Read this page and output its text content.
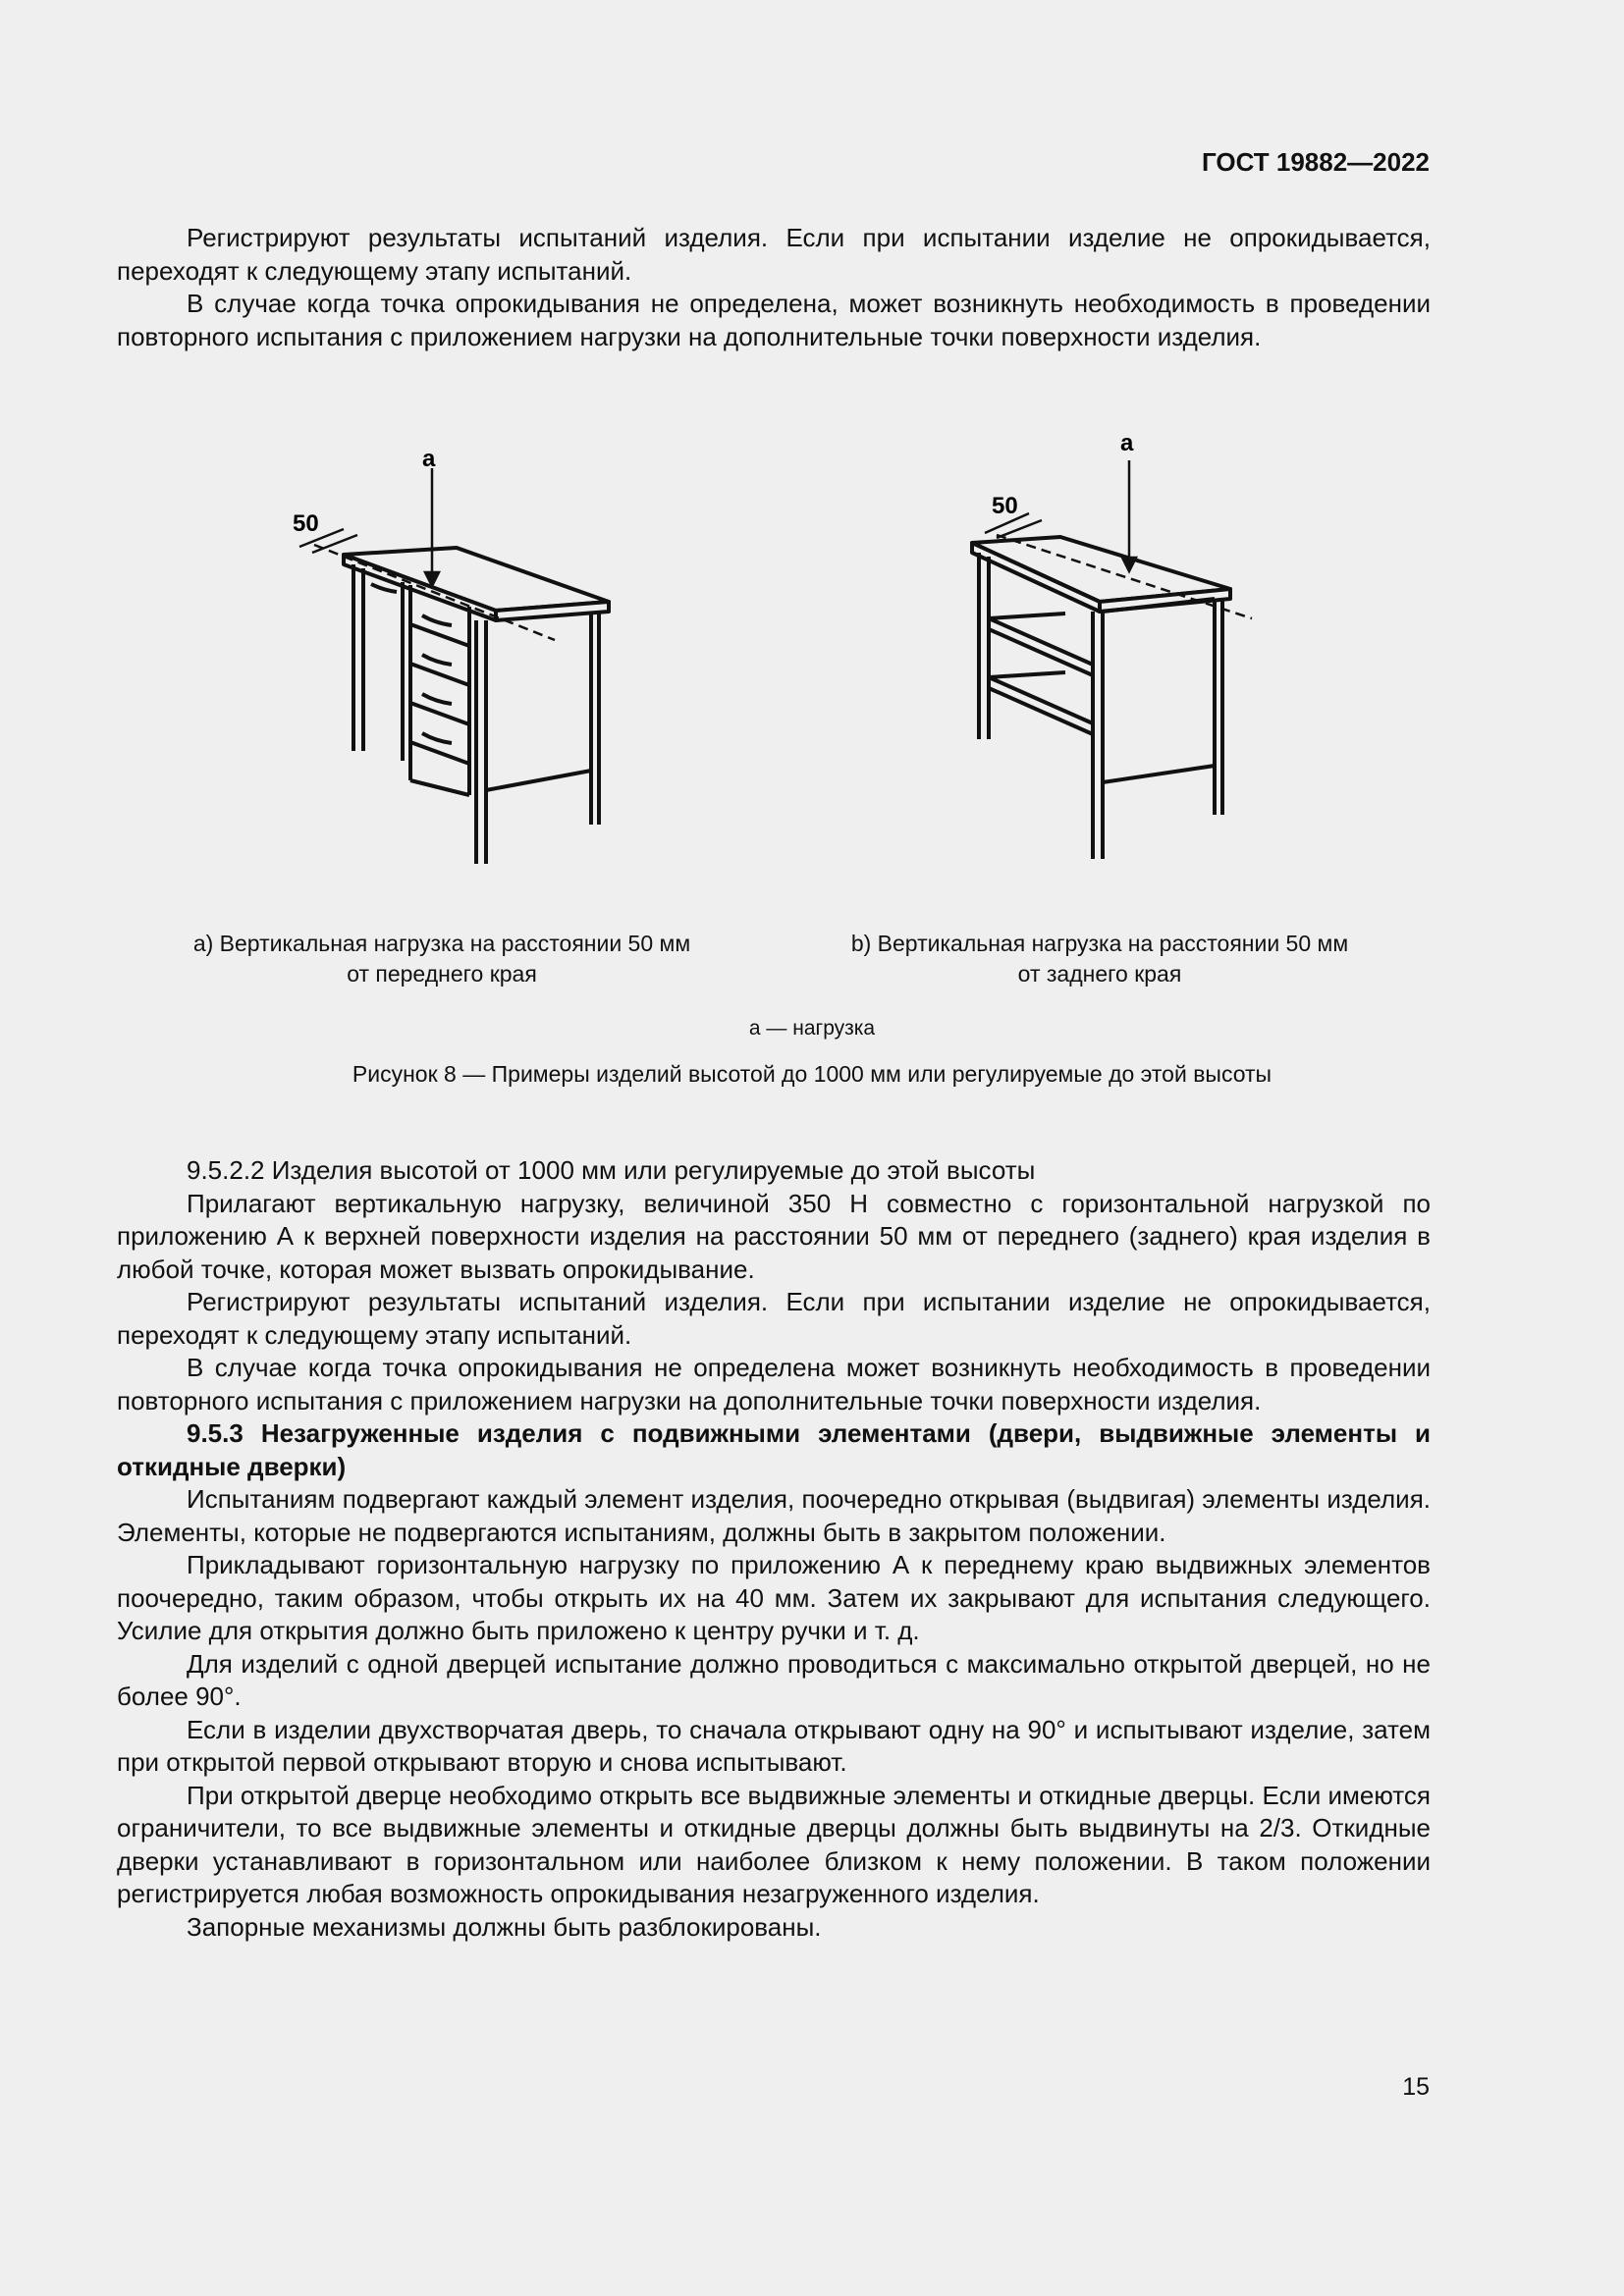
ГОСТ 19882—2022

Регистрируют результаты испытаний изделия. Если при испытании изделие не опрокидывается, переходят к следующему этапу испытаний.

В случае когда точка опрокидывания не определена, может возникнуть необходимость в проведении повторного испытания с приложением нагрузки на дополнительные точки поверхности изделия.

а
50
а
50
а) Вертикальная нагрузка на расстоянии 50 мм
от переднего края
b) Вертикальная нагрузка на расстоянии 50 мм
от заднего края
а — нагрузка
Рисунок 8 — Примеры изделий высотой до 1000 мм или регулируемые до этой высоты

9.5.2.2 Изделия высотой от 1000 мм или регулируемые до этой высоты

Прилагают вертикальную нагрузку, величиной 350 Н совместно с горизонтальной нагрузкой по приложению А к верхней поверхности изделия на расстоянии 50 мм от переднего (заднего) края изделия в любой точке, которая может вызвать опрокидывание.

Регистрируют результаты испытаний изделия. Если при испытании изделие не опрокидывается, переходят к следующему этапу испытаний.

В случае когда точка опрокидывания не определена может возникнуть необходимость в проведении повторного испытания с приложением нагрузки на дополнительные точки поверхности изделия.

9.5.3 Незагруженные изделия с подвижными элементами (двери, выдвижные элементы и откидные дверки)

Испытаниям подвергают каждый элемент изделия, поочередно открывая (выдвигая) элементы изделия. Элементы, которые не подвергаются испытаниям, должны быть в закрытом положении.

Прикладывают горизонтальную нагрузку по приложению А к переднему краю выдвижных элементов поочередно, таким образом, чтобы открыть их на 40 мм. Затем их закрывают для испытания следующего. Усилие для открытия должно быть приложено к центру ручки и т. д.

Для изделий с одной дверцей испытание должно проводиться с максимально открытой дверцей, но не более 90°.

Если в изделии двухстворчатая дверь, то сначала открывают одну на 90° и испытывают изделие, затем при открытой первой открывают вторую и снова испытывают.

При открытой дверце необходимо открыть все выдвижные элементы и откидные дверцы. Если имеются ограничители, то все выдвижные элементы и откидные дверцы должны быть выдвинуты на 2/3. Откидные дверки устанавливают в горизонтальном или наиболее близком к нему положении. В таком положении регистрируется любая возможность опрокидывания незагруженного изделия.

Запорные механизмы должны быть разблокированы.

15
